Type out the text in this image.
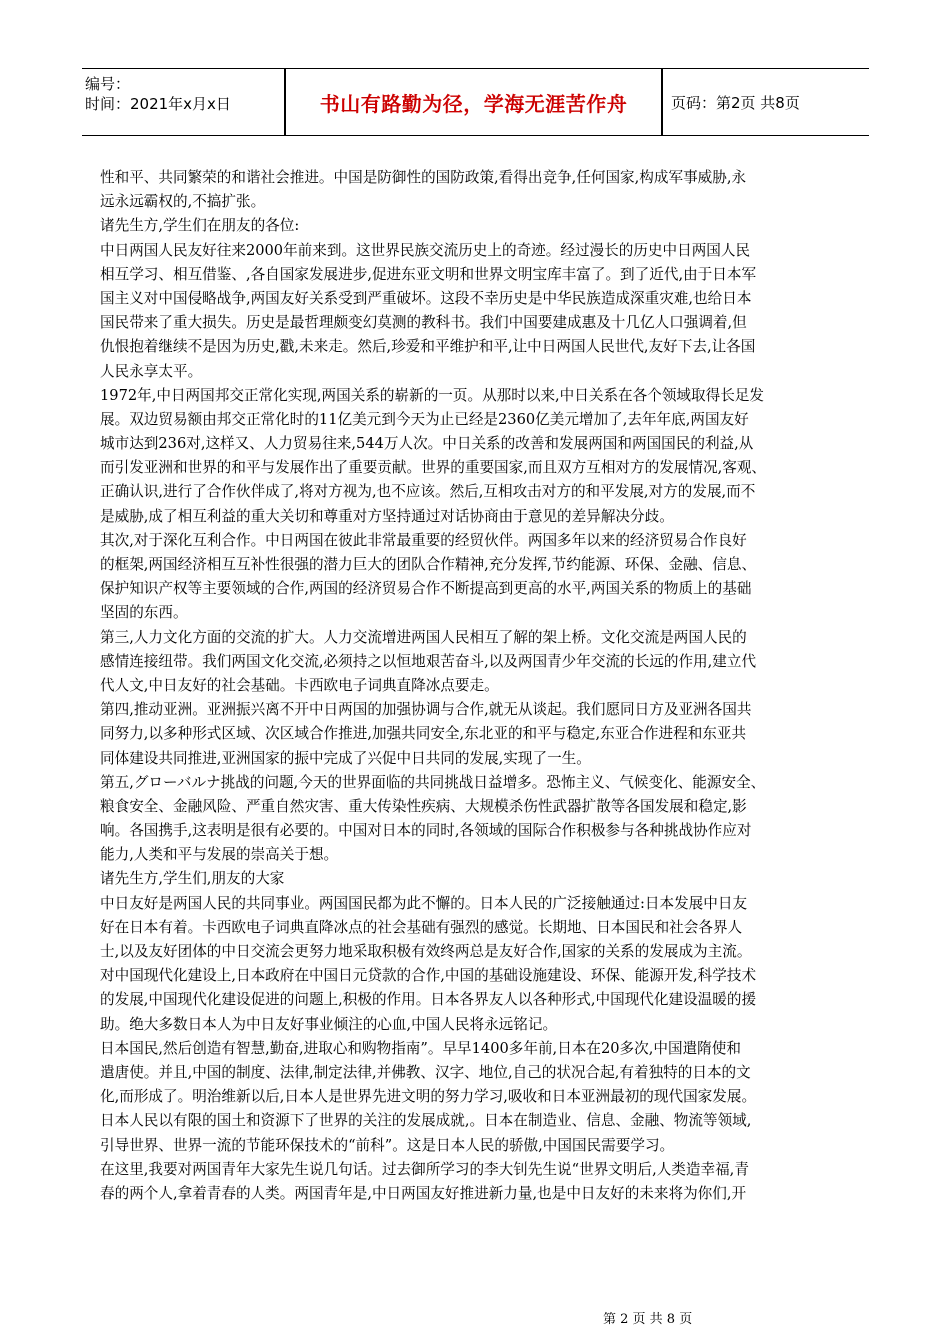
编号：
时间：2021年x月x日	书山有路勤为径，学海无涯苦作舟	页码：第2页 共8页
性和平、共同繁荣的和谐社会推进。中国是防御性的国防政策,看得出竞争,任何国家,构成军事威胁,永
远永远霸权的,不搞扩张。
诸先生方,学生们在朋友的各位:
中日两国人民友好往来2000年前来到。这世界民族交流历史上的奇迹。经过漫长的历史中日两国人民
相互学习、相互借鉴、,各自国家发展进步,促进东亚文明和世界文明宝库丰富了。到了近代,由于日本军
国主义对中国侵略战争,两国友好关系受到严重破坏。这段不幸历史是中华民族造成深重灾难,也给日本
国民带来了重大损失。历史是最哲理颇变幻莫测的教科书。我们中国要建成惠及十几亿人口强调着,但
仇恨抱着继续不是因为历史,戳,未来走。然后,珍爱和平维护和平,让中日两国人民世代,友好下去,让各国
人民永享太平。
1972年,中日两国邦交正常化实现,两国关系的崭新的一页。从那时以来,中日关系在各个领域取得长足发
展。双边贸易额由邦交正常化时的11亿美元到今天为止已经是2360亿美元增加了,去年年底,两国友好
城市达到236对,这样又、人力贸易往来,544万人次。中日关系的改善和发展两国和两国国民的利益,从
而引发亚洲和世界的和平与发展作出了重要贡献。世界的重要国家,而且双方互相对方的发展情况,客观、
正确认识,进行了合作伙伴成了,将对方视为,也不应该。然后,互相攻击对方的和平发展,对方的发展,而不
是威胁,成了相互利益的重大关切和尊重对方坚持通过对话协商由于意见的差异解决分歧。
其次,对于深化互利合作。中日两国在彼此非常最重要的经贸伙伴。两国多年以来的经济贸易合作良好
的框架,两国经济相互互补性很强的潜力巨大的团队合作精神,充分发挥,节约能源、环保、金融、信息、
保护知识产权等主要领域的合作,两国的经济贸易合作不断提高到更高的水平,两国关系的物质上的基础
坚固的东西。
第三,人力文化方面的交流的扩大。人力交流增进两国人民相互了解的架上桥。文化交流是两国人民的
感情连接纽带。我们两国文化交流,必须持之以恒地艰苦奋斗,以及两国青少年交流的长远的作用,建立代
代人文,中日友好的社会基础。卡西欧电子词典直降冰点要走。
第四,推动亚洲。亚洲振兴离不开中日两国的加强协调与合作,就无从谈起。我们愿同日方及亚洲各国共
同努力,以多种形式区域、次区域合作推进,加强共同安全,东北亚的和平与稳定,东亚合作进程和东亚共
同体建设共同推进,亚洲国家的振中完成了兴促中日共同的发展,实现了一生。
第五,グローバルナ挑战的问题,今天的世界面临的共同挑战日益增多。恐怖主义、气候变化、能源安全、
粮食安全、金融风险、严重自然灾害、重大传染性疾病、大规模杀伤性武器扩散等各国发展和稳定,影
响。各国携手,这表明是很有必要的。中国对日本的同时,各领域的国际合作积极参与各种挑战协作应对
能力,人类和平与发展的崇高关于想。
诸先生方,学生们,朋友的大家
中日友好是两国人民的共同事业。两国国民都为此不懈的。日本人民的广泛接触通过:日本发展中日友
好在日本有着。卡西欧电子词典直降冰点的社会基础有强烈的感觉。长期地、日本国民和社会各界人
士,以及友好团体的中日交流会更努力地采取积极有效终两总是友好合作,国家的关系的发展成为主流。
对中国现代化建设上,日本政府在中国日元贷款的合作,中国的基础设施建设、环保、能源开发,科学技术
的发展,中国现代化建设促进的问题上,积极的作用。日本各界友人以各种形式,中国现代化建设温暖的援
助。绝大多数日本人为中日友好事业倾注的心血,中国人民将永远铭记。
日本国民,然后创造有智慧,勤奋,进取心和购物指南”。早早1400多年前,日本在20多次,中国遣隋使和
遣唐使。并且,中国的制度、法律,制定法律,并佛教、汉字、地位,自己的状况合起,有着独特的日本的文
化,而形成了。明治维新以后,日本人是世界先进文明的努力学习,吸收和日本亚洲最初的现代国家发展。
日本人民以有限的国土和资源下了世界的关注的发展成就,。日本在制造业、信息、金融、物流等领域,
引导世界、世界一流的节能环保技术的“前科”。这是日本人民的骄傲,中国国民需要学习。
在这里,我要对两国青年大家先生说几句话。过去御所学习的李大钊先生说“世界文明后,人类造幸福,青
春的两个人,拿着青春的人类。两国青年是,中日两国友好推进新力量,也是中日友好的未来将为你们,开
第 2 页 共 8 页
